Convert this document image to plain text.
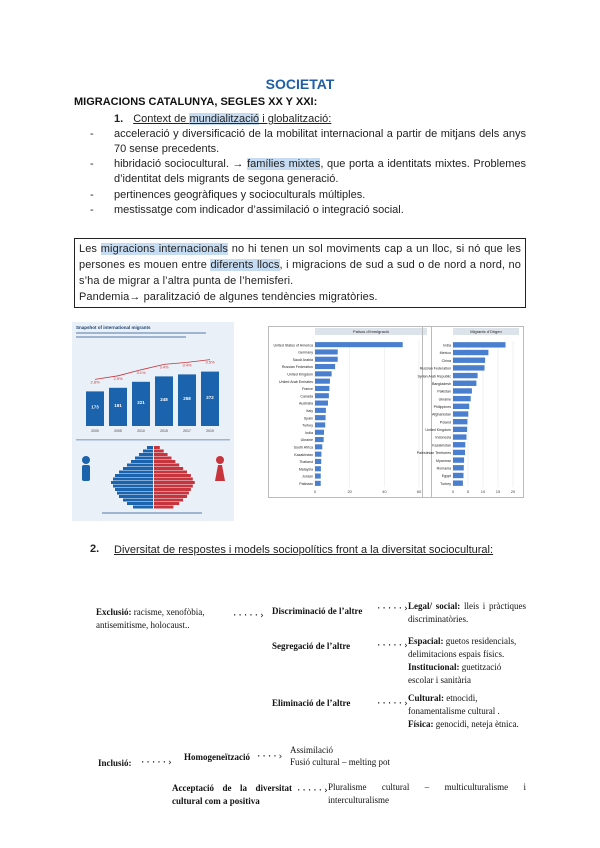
SOCIETAT
MIGRACIONS CATALUNYA, SEGLES XX Y XXI:
1. Context de mundialització i globalització:
- acceleració y diversificació de la mobilitat internacional a partir de mitjans dels anys 70 sense precedents.
- hibridació sociocultural. → famílies mixtes, que porta a identitats mixtes. Problemes d’identitat dels migrants de segona generació.
- pertinences geogràfiques y socioculturals múltiples.
- mestissatge com indicador d’assimilació o integració social.
Les migracions internacionals no hi tenen un sol moviments cap a un lloc, si nó que les persones es mouen entre diferents llocs, i migracions de sud a sud o de nord a nord, no s’ha de migrar a l’altra punta de l’hemisferi.
Pandemia→ paralització de algunes tendències migratòries.
Snapshot of international migrants
173
2.8%
2000
191
2.9%
2005
221
3.1%
2010
248
3.4%
2015
258
3.4%
2017
272
3.5%
2019
Països d'Immigració
0	20	40	60
United States of America
Germany
Saudi Arabia
Russian Federation
United Kingdom
United Arab Emirates
France
Canada
Australia
Italy
Spain
Turkey
India
Ukraine
South Africa
Kazakhstan
Thailand
Malaysia
Jordan
Pakistan
Migrants d'Origen
0	5	10	15	20
India
Mexico
China
Russian Federation
Syrian Arab Republic
Bangladesh
Pakistan
Ukraine
Philippines
Afghanistan
Poland
United Kingdom
Indonesia
Kazakhstan
Palestinian Territories
Myanmar
Romania
Egypt
Turkey
2. Diversitat de respostes i models sociopolítics front a la diversitat sociocultural:
Exclusió: racisme, xenofòbia, antisemitisme, holocaust..
·····› Discriminació de l’altre ·····› Legal/ social: lleis i pràctiques discriminatòries.
Segregació de l’altre	·····› Espacial: guetos residencials, delimitacions espais físics.
Institucional: guetització escolar i sanitària
Eliminació de l’altre	·····›
Cultural: etnocidi, fonamentalisme cultural .
Física: genocidi, neteja ètnica.
Inclusió: ·····›
Homogeneïtzació ····›
Assimilació
Fusió cultural – melting pot
Acceptació de la diversitat cultural com a positiva
·····› Pluralisme cultural – multiculturalisme i interculturalisme
